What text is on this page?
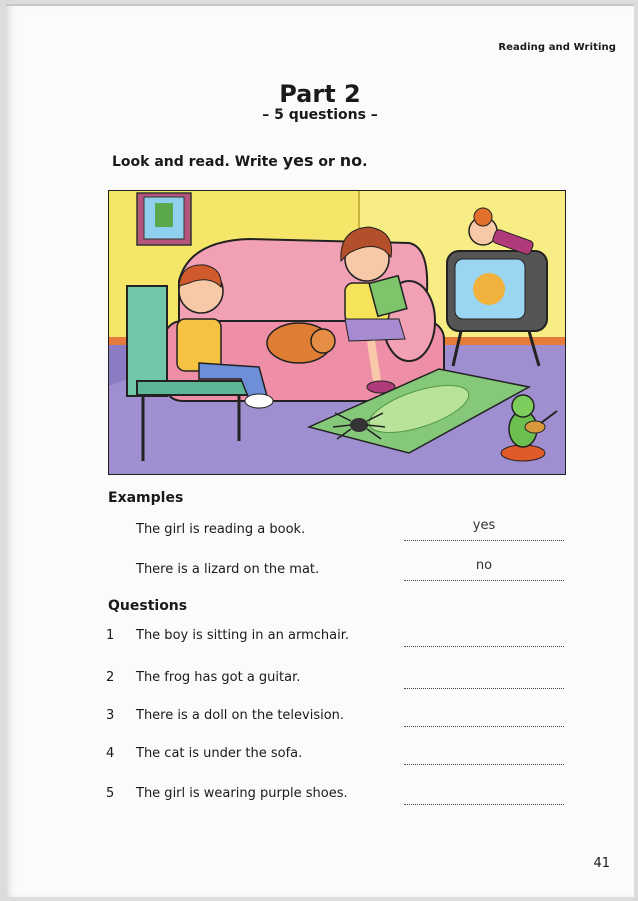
Reading and Writing
Part 2
– 5 questions –
Look and read. Write yes or no.
Examples
The girl is reading a book.	yes
There is a lizard on the mat.	no
Questions
1	The boy is sitting in an armchair.
2	The frog has got a guitar.
3	There is a doll on the television.
4	The cat is under the sofa.
5	The girl is wearing purple shoes.
41
